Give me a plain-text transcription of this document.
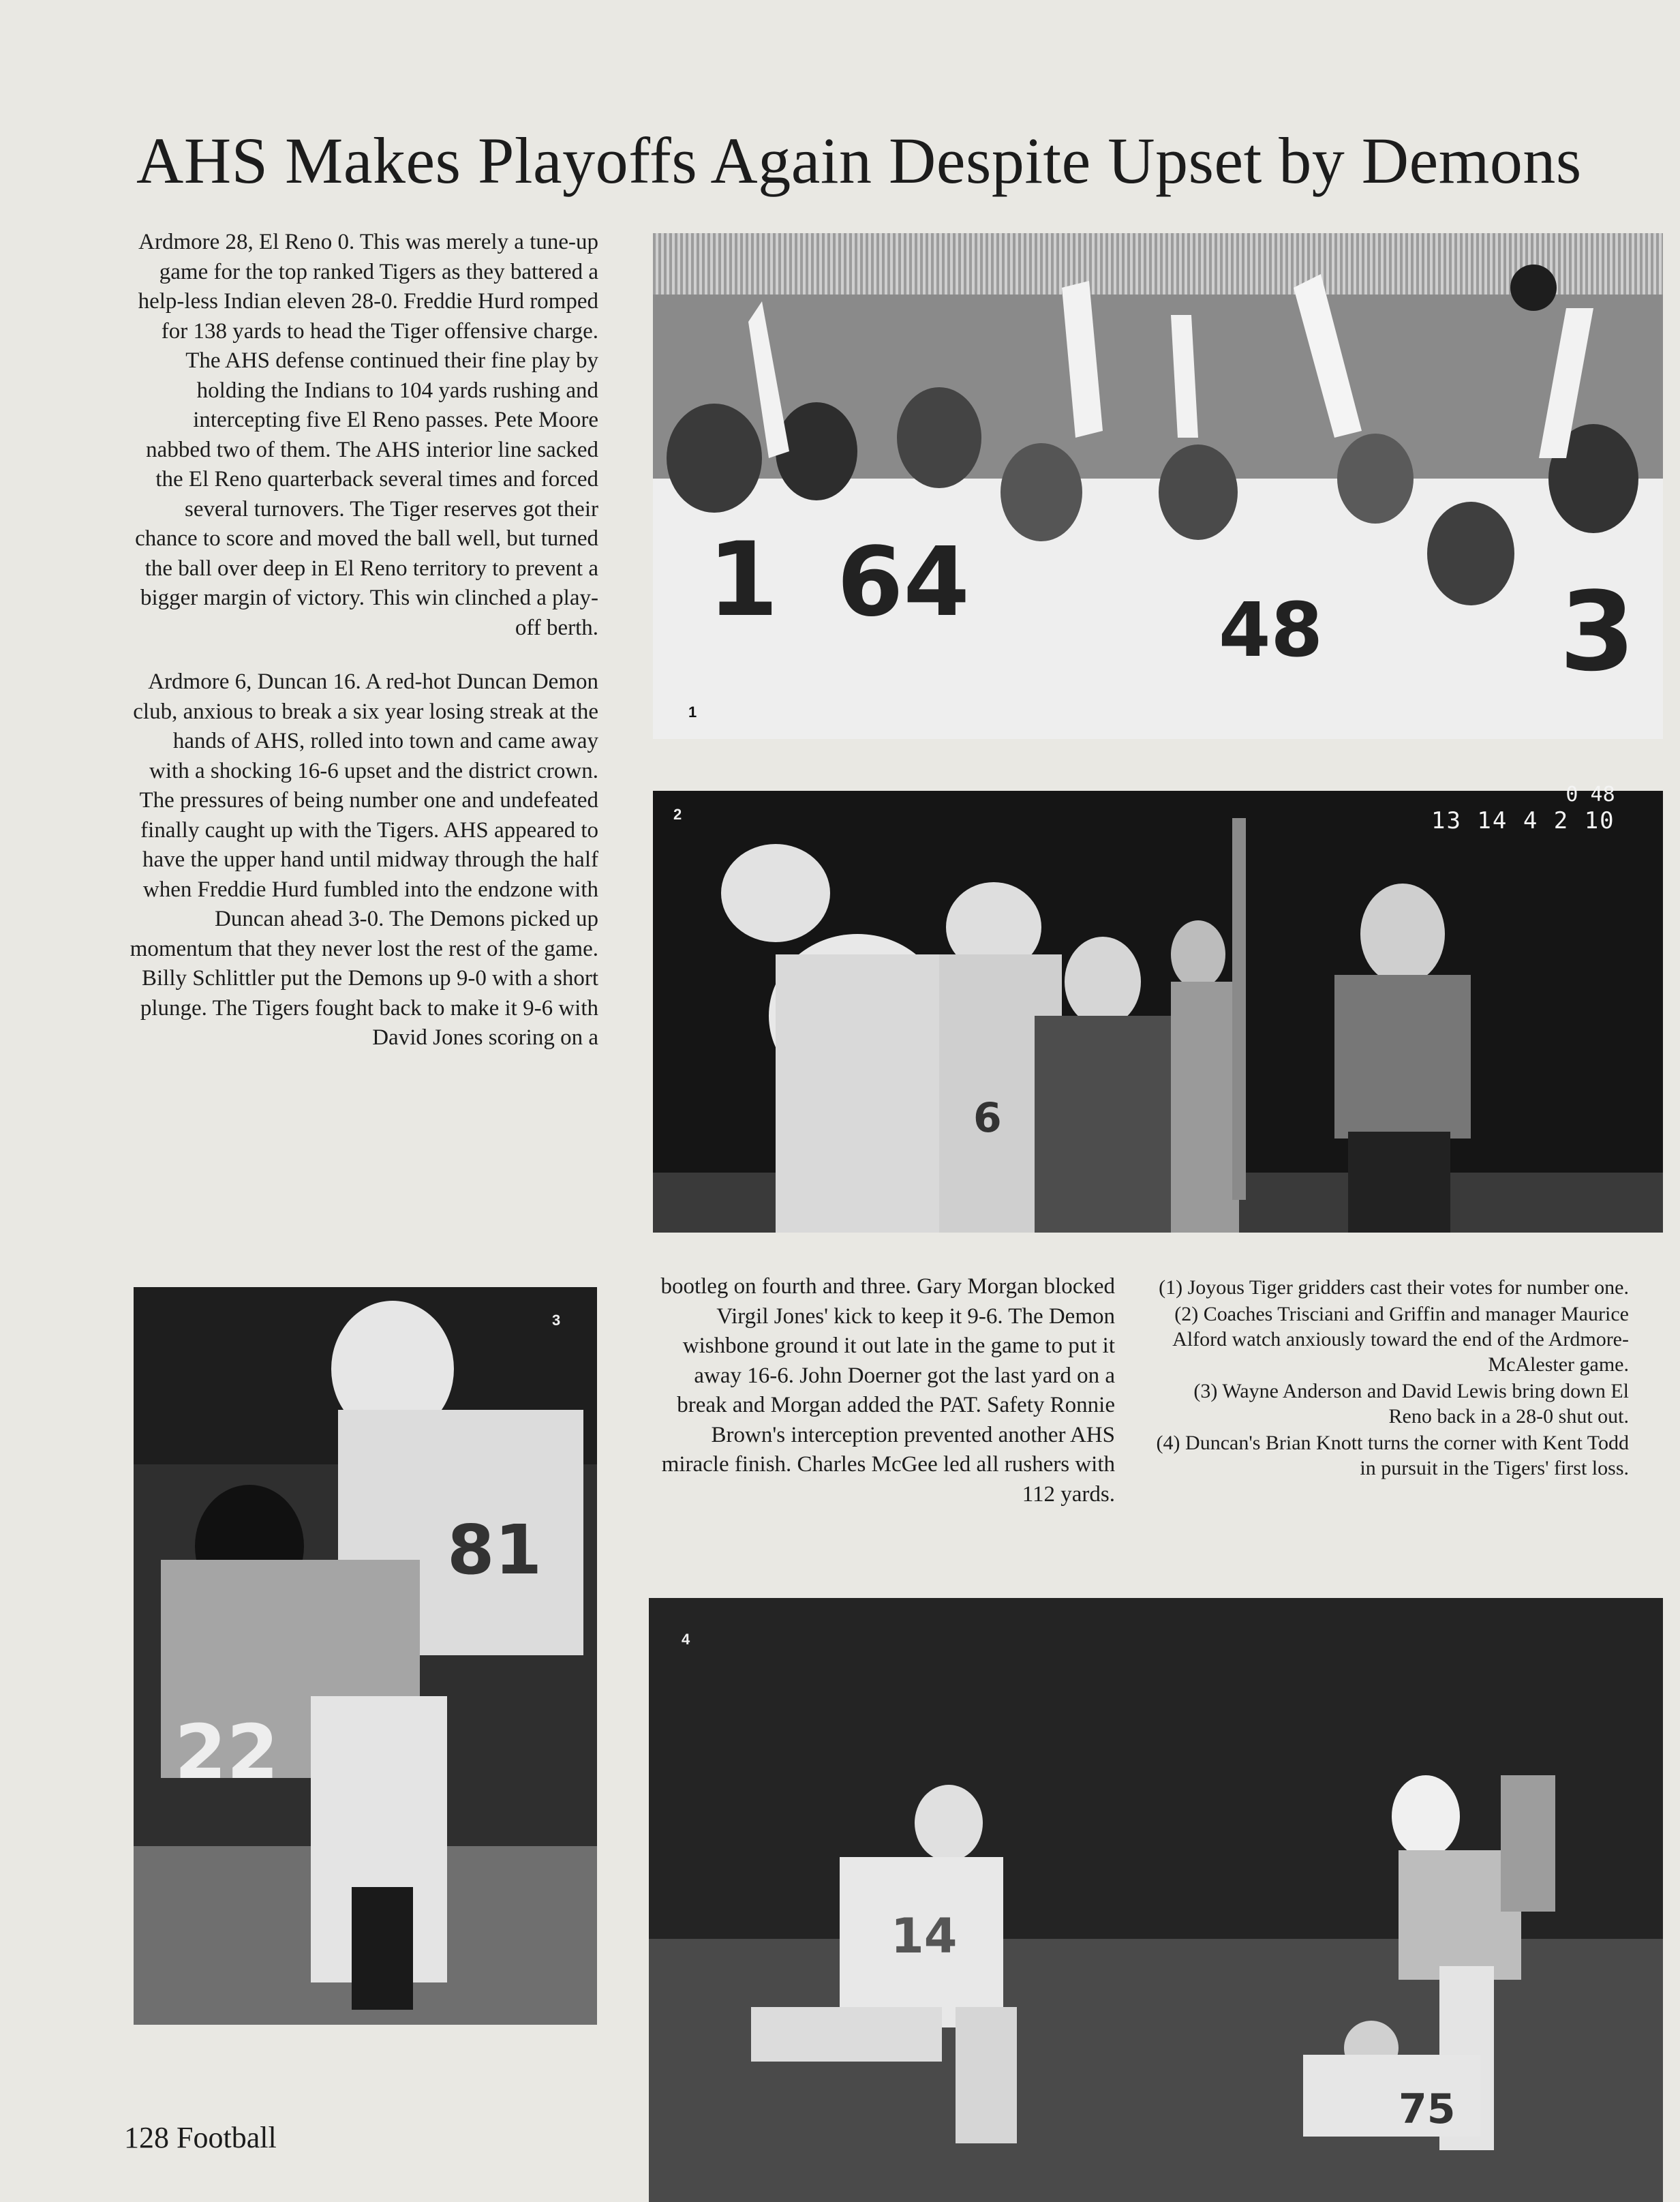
AHS Makes Playoffs Again Despite Upset by Demons

Ardmore 28, El Reno 0. This was merely a tune-up game for the top ranked Tigers as they battered a help-less Indian eleven 28-0. Freddie Hurd romped for 138 yards to head the Tiger offensive charge. The AHS defense continued their fine play by holding the Indians to 104 yards rushing and intercepting five El Reno passes. Pete Moore nabbed two of them. The AHS interior line sacked the El Reno quarterback several times and forced several turnovers. The Tiger reserves got their chance to score and moved the ball well, but turned the ball over deep in El Reno territory to prevent a bigger margin of victory. This win clinched a play-off berth.

Ardmore 6, Duncan 16. A red-hot Duncan Demon club, anxious to break a six year losing streak at the hands of AHS, rolled into town and came away with a shocking 16-6 upset and the district crown. The pressures of being number one and undefeated finally caught up with the Tigers. AHS appeared to have the upper hand until midway through the half when Freddie Hurd fumbled into the endzone with Duncan ahead 3-0. The Demons picked up momentum that they never lost the rest of the game. Billy Schlittler put the Demons up 9-0 with a short plunge. The Tigers fought back to make it 9-6 with David Jones scoring on a

bootleg on fourth and three. Gary Morgan blocked Virgil Jones' kick to keep it 9-6. The Demon wishbone ground it out late in the game to put it away 16-6. John Doerner got the last yard on a break and Morgan added the PAT. Safety Ronnie Brown's interception prevented another AHS miracle finish. Charles McGee led all rushers with 112 yards.

(1) Joyous Tiger gridders cast their votes for number one.

(2) Coaches Trisciani and Griffin and manager Maurice Alford watch anxiously toward the end of the Ardmore-McAlester game.

(3) Wayne Anderson and David Lewis bring down El Reno back in a 28-0 shut out.

(4) Duncan's Brian Knott turns the corner with Kent Todd in pursuit in the Tigers' first loss.

1 64	48 3
1
6
2
0 48
13 14 4 2 10
22
81
3
14
75
4
128 Football
